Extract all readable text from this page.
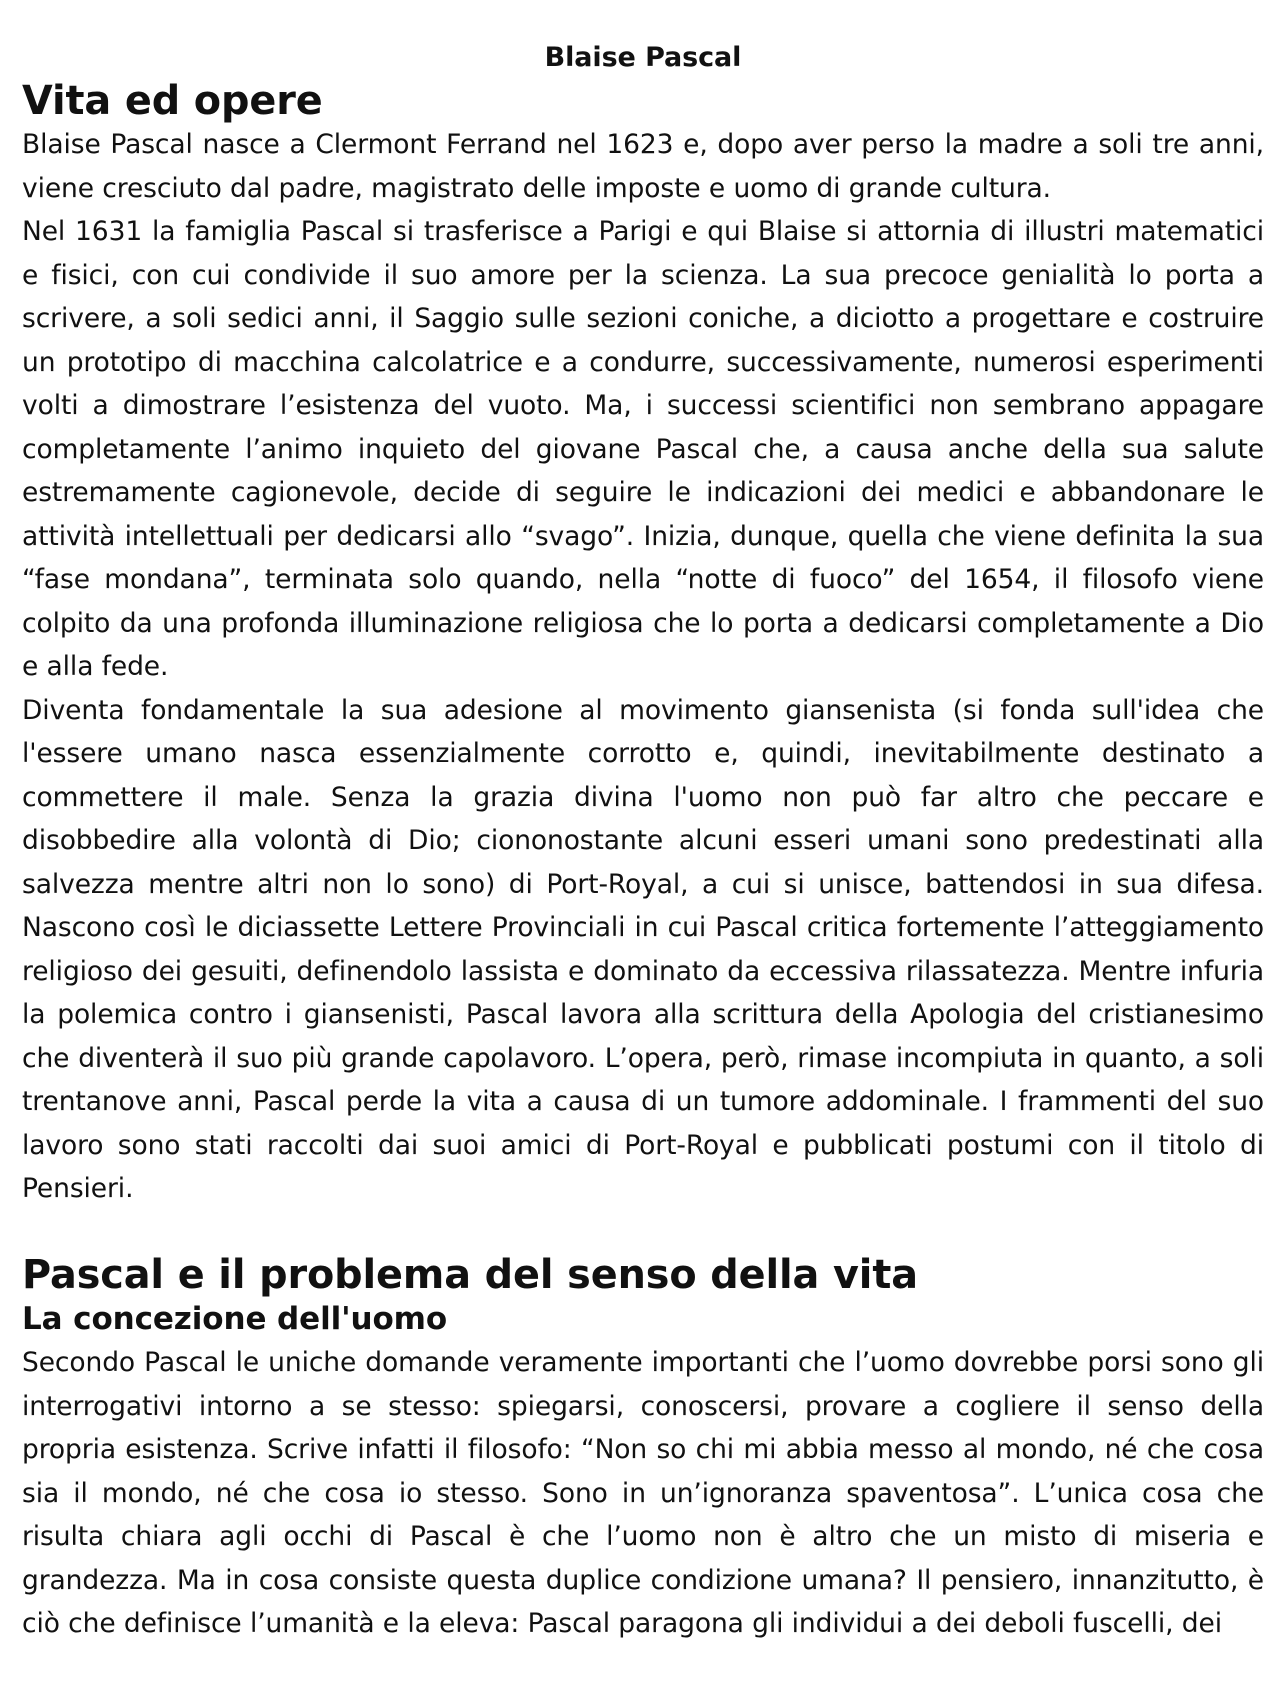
Blaise Pascal
Vita ed opere

Blaise Pascal nasce a Clermont Ferrand nel 1623 e, dopo aver perso la madre a soli tre anni, viene cresciuto dal padre, magistrato delle imposte e uomo di grande cultura.

Nel 1631 la famiglia Pascal si trasferisce a Parigi e qui Blaise si attornia di illustri matematici e fisici, con cui condivide il suo amore per la scienza. La sua precoce genialità lo porta a scrivere, a soli sedici anni, il Saggio sulle sezioni coniche, a diciotto a progettare e costruire un prototipo di macchina calcolatrice e a condurre, successivamente, numerosi esperimenti volti a dimostrare l’esistenza del vuoto. Ma, i successi scientifici non sembrano appagare completamente l’animo inquieto del giovane Pascal che, a causa anche della sua salute estremamente cagionevole, decide di seguire le indicazioni dei medici e abbandonare le attività intellettuali per dedicarsi allo “svago”. Inizia, dunque, quella che viene definita la sua “fase mondana”, terminata solo quando, nella “notte di fuoco” del 1654, il filosofo viene colpito da una profonda illuminazione religiosa che lo porta a dedicarsi completamente a Dio e alla fede.

Diventa fondamentale la sua adesione al movimento giansenista (si fonda sull'idea che l'essere umano nasca essenzialmente corrotto e, quindi, inevitabilmente destinato a commettere il male. Senza la grazia divina l'uomo non può far altro che peccare e disobbedire alla volontà di Dio; ciononostante alcuni esseri umani sono predestinati alla salvezza mentre altri non lo sono) di Port-Royal, a cui si unisce, battendosi in sua difesa. Nascono così le diciassette Lettere Provinciali in cui Pascal critica fortemente l’atteggiamento religioso dei gesuiti, definendolo lassista e dominato da eccessiva rilassatezza. Mentre infuria la polemica contro i giansenisti, Pascal lavora alla scrittura della Apologia del cristianesimo che diventerà il suo più grande capolavoro. L’opera, però, rimase incompiuta in quanto, a soli trentanove anni, Pascal perde la vita a causa di un tumore addominale. I frammenti del suo lavoro sono stati raccolti dai suoi amici di Port-Royal e pubblicati postumi con il titolo di Pensieri.

Pascal e il problema del senso della vita
La concezione dell'uomo

Secondo Pascal le uniche domande veramente importanti che l’uomo dovrebbe porsi sono gli interrogativi intorno a se stesso: spiegarsi, conoscersi, provare a cogliere il senso della propria esistenza. Scrive infatti il filosofo: “Non so chi mi abbia messo al mondo, né che cosa sia il mondo, né che cosa io stesso. Sono in un’ignoranza spaventosa”. L’unica cosa che risulta chiara agli occhi di Pascal è che l’uomo non è altro che un misto di miseria e grandezza. Ma in cosa consiste questa duplice condizione umana? Il pensiero, innanzitutto, è ciò che definisce l’umanità e la eleva: Pascal paragona gli individui a dei deboli fuscelli, dei
